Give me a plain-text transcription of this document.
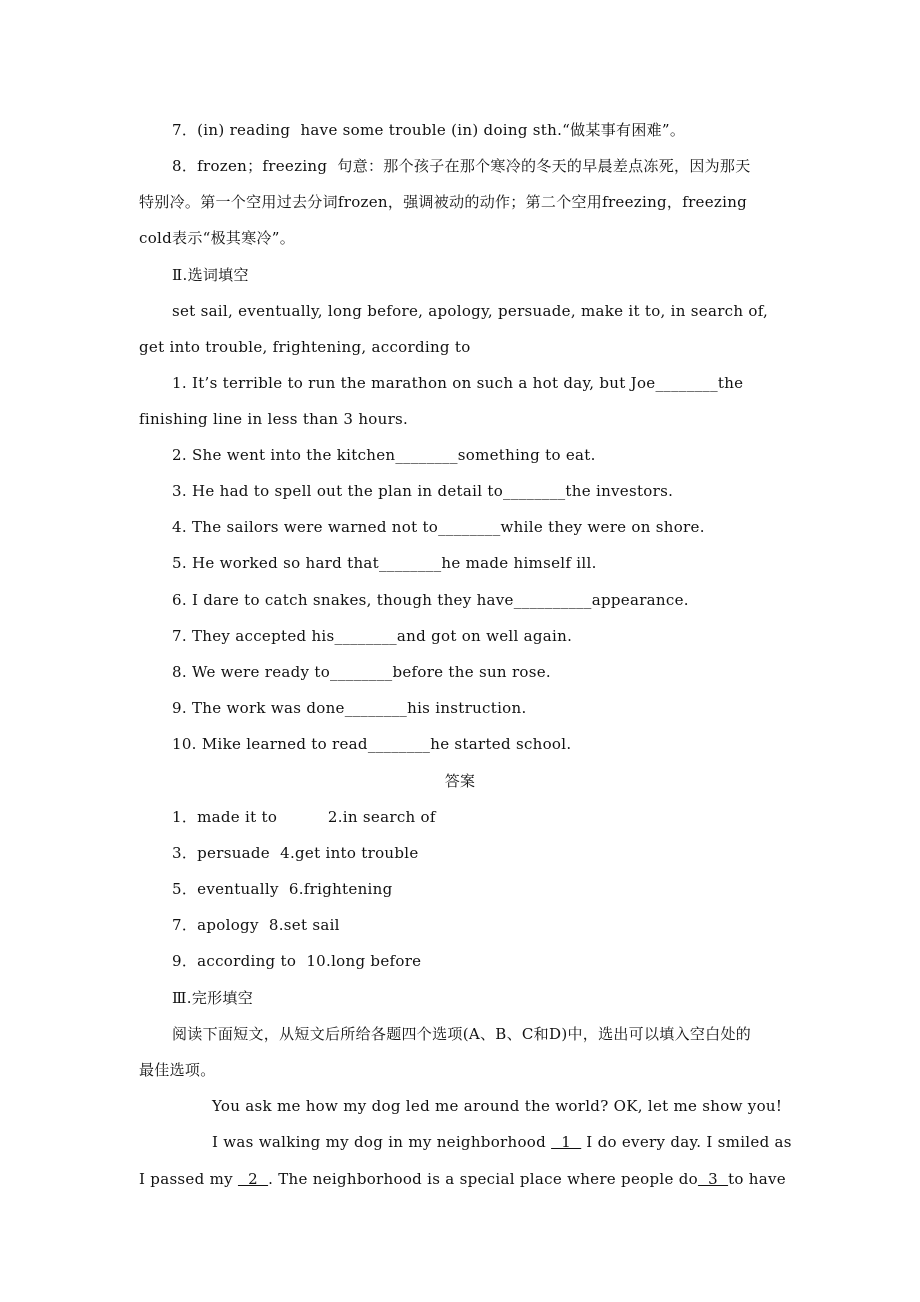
7．(in) reading  have some trouble (in) doing sth.“做某事有困难”。
8．frozen；freezing  句意：那个孩子在那个寒冷的冬天的早晨差点冻死，因为那天
特别冷。第一个空用过去分词frozen，强调被动的动作；第二个空用freezing，freezing
cold表示“极其寒冷”。
Ⅱ.选词填空
set sail, eventually, long before, apology, persuade, make it to, in search of,
get into trouble, frightening, according to
1. It’s terrible to run the marathon on such a hot day, but Joe________the
finishing line in less than 3 hours.
2. She went into the kitchen________something to eat.
3. He had to spell out the plan in detail to________the investors.
4. The sailors were warned not to________while they were on shore.
5. He worked so hard that________he made himself ill.
6. I dare to catch snakes, though they have__________appearance.
7. They accepted his________and got on well again.
8. We were ready to________before the sun rose.
9. The work was done________his instruction.
10. Mike learned to read________he started school.
答案
1．made it to          2.in search of
3．persuade  4.get into trouble
5．eventually  6.frightening
7．apology  8.set sail
9．according to  10.long before
Ⅲ.完形填空
阅读下面短文，从短文后所给各题四个选项(A、B、C和D)中，选出可以填入空白处的
最佳选项。
You ask me how my dog led me around the world? OK, let me show you!
I was walking my dog in my neighborhood   1   I do every day. I smiled as
I passed my   2  . The neighborhood is a special place where people do  3  to have
